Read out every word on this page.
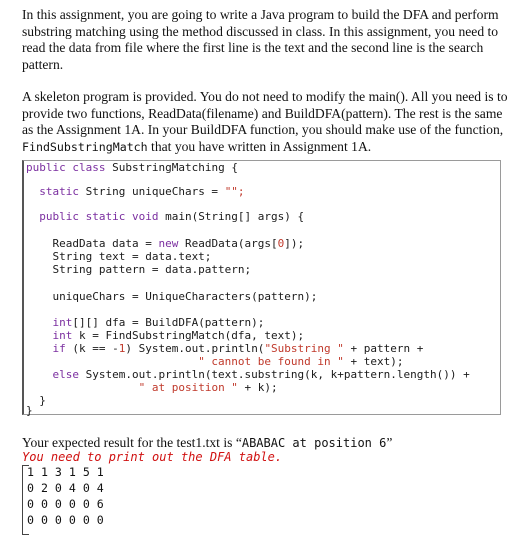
In this assignment, you are going to write a Java program to build the DFA and perform substring matching using the method discussed in class. In this assignment, you need to read the data from file where the first line is the text and the second line is the search pattern.

A skeleton program is provided. You do not need to modify the main(). All you need is to provide two functions, ReadData(filename) and BuildDFA(pattern). The rest is the same as the Assignment 1A. In your BuildDFA function, you should make use of the function, FindSubstringMatch that you have written in Assignment 1A.

public class SubstringMatching {
static String uniqueChars = "";
public static void main(String[] args) {
ReadData data = new ReadData(args[0]);
String text = data.text;
String pattern = data.pattern;
uniqueChars = UniqueCharacters(pattern);
int[][] dfa = BuildDFA(pattern);
int k = FindSubstringMatch(dfa, text);
if (k == -1) System.out.println("Substring " + pattern +
" cannot be found in " + text);
else System.out.println(text.substring(k, k+pattern.length()) +
" at position " + k);
}
}

Your expected result for the test1.txt is “ABABAC at position 6”

You need to print out the DFA table.

1 1 3 1 5 1
0 2 0 4 0 4
0 0 0 0 0 6
0 0 0 0 0 0
